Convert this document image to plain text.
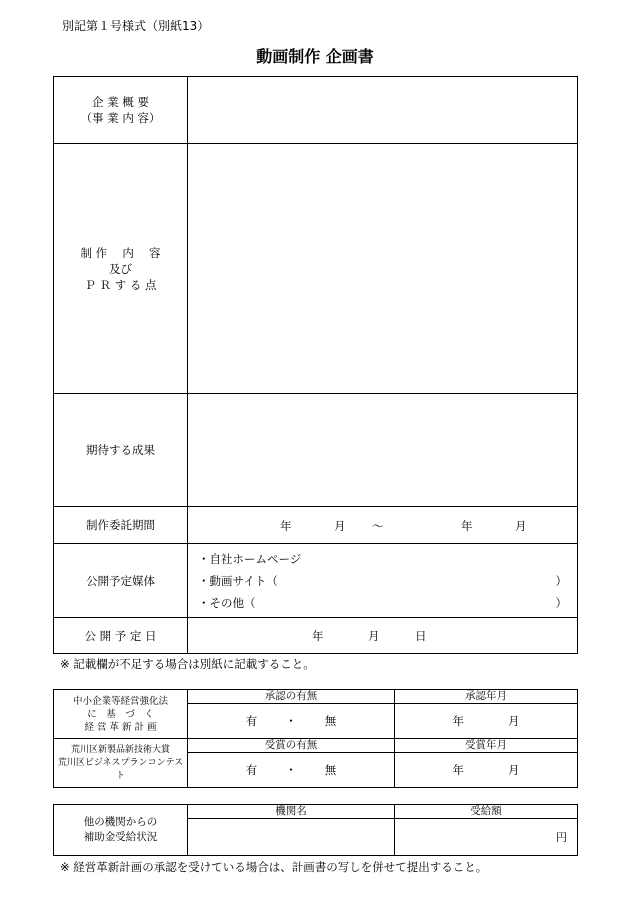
別記第１号様式（別紙13）
動画制作 企画書
企 業 概 要
（事 業 内 容）	

制 作　 内　 容
及び
Ｐ Ｒ す る 点	

期待する成果	
制作委託期間	年 月 ～ 年 月

公開予定媒体	・自社ホームページ
・動画サイト（ ）
・その他（ ）

公 開 予 定 日	年 月 日
※ 記載欄が不足する場合は別紙に記載すること。
中小企業等経営強化法
に　基　づ　く
経 営 革 新 計 画	承認の有無	承認年月
	有 ・ 無	年 月

荒川区新製品新技術大賞
荒川区ビジネスプランコンテスト	受賞の有無	受賞年月
	有 ・ 無	年 月
他の機関からの
補助金受給状況	機関名	受給額
		円
※ 経営革新計画の承認を受けている場合は、計画書の写しを併せて提出すること。
